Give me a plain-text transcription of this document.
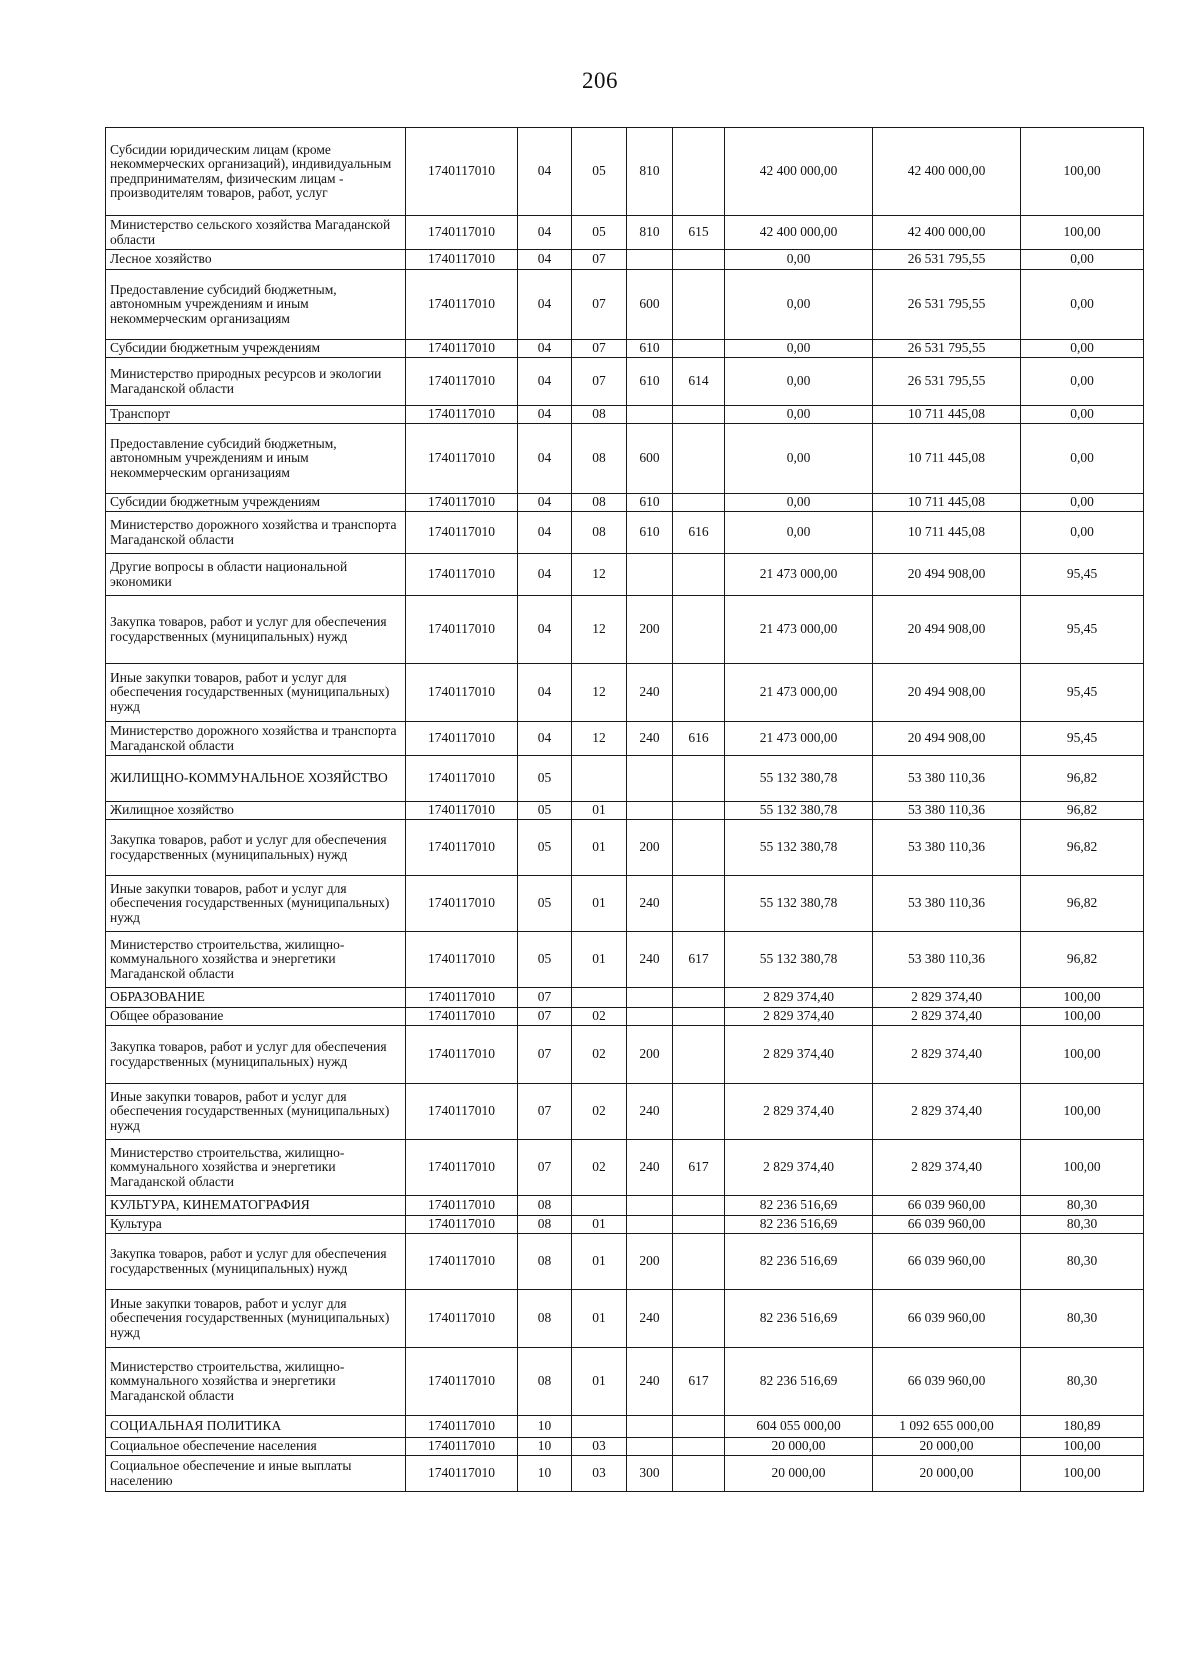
206
Субсидии юридическим лицам (кроме некоммерческих организаций), индивидуальным предпринимателям, физическим лицам - производителям товаров, работ, услуг	1740117010	04	05	810		42 400 000,00	42 400 000,00	100,00
Министерство сельского хозяйства Магаданской области	1740117010	04	05	810	615	42 400 000,00	42 400 000,00	100,00
Лесное хозяйство	1740117010	04	07			0,00	26 531 795,55	0,00
Предоставление субсидий бюджетным, автономным учреждениям и иным некоммерческим организациям	1740117010	04	07	600		0,00	26 531 795,55	0,00
Субсидии бюджетным учреждениям	1740117010	04	07	610		0,00	26 531 795,55	0,00
Министерство природных ресурсов и экологии Магаданской области	1740117010	04	07	610	614	0,00	26 531 795,55	0,00
Транспорт	1740117010	04	08			0,00	10 711 445,08	0,00
Предоставление субсидий бюджетным, автономным учреждениям и иным некоммерческим организациям	1740117010	04	08	600		0,00	10 711 445,08	0,00
Субсидии бюджетным учреждениям	1740117010	04	08	610		0,00	10 711 445,08	0,00
Министерство дорожного хозяйства и транспорта Магаданской области	1740117010	04	08	610	616	0,00	10 711 445,08	0,00
Другие вопросы в области национальной экономики	1740117010	04	12			21 473 000,00	20 494 908,00	95,45
Закупка товаров, работ и услуг для обеспечения государственных (муниципальных) нужд	1740117010	04	12	200		21 473 000,00	20 494 908,00	95,45
Иные закупки товаров, работ и услуг для обеспечения государственных (муниципальных) нужд	1740117010	04	12	240		21 473 000,00	20 494 908,00	95,45
Министерство дорожного хозяйства и транспорта Магаданской области	1740117010	04	12	240	616	21 473 000,00	20 494 908,00	95,45
ЖИЛИЩНО-КОММУНАЛЬНОЕ ХОЗЯЙСТВО	1740117010	05				55 132 380,78	53 380 110,36	96,82
Жилищное хозяйство	1740117010	05	01			55 132 380,78	53 380 110,36	96,82
Закупка товаров, работ и услуг для обеспечения государственных (муниципальных) нужд	1740117010	05	01	200		55 132 380,78	53 380 110,36	96,82
Иные закупки товаров, работ и услуг для обеспечения государственных (муниципальных) нужд	1740117010	05	01	240		55 132 380,78	53 380 110,36	96,82
Министерство строительства, жилищно-коммунального хозяйства и энергетики Магаданской области	1740117010	05	01	240	617	55 132 380,78	53 380 110,36	96,82
ОБРАЗОВАНИЕ	1740117010	07				2 829 374,40	2 829 374,40	100,00
Общее образование	1740117010	07	02			2 829 374,40	2 829 374,40	100,00
Закупка товаров, работ и услуг для обеспечения государственных (муниципальных) нужд	1740117010	07	02	200		2 829 374,40	2 829 374,40	100,00
Иные закупки товаров, работ и услуг для обеспечения государственных (муниципальных) нужд	1740117010	07	02	240		2 829 374,40	2 829 374,40	100,00
Министерство строительства, жилищно-коммунального хозяйства и энергетики Магаданской области	1740117010	07	02	240	617	2 829 374,40	2 829 374,40	100,00
КУЛЬТУРА, КИНЕМАТОГРАФИЯ	1740117010	08				82 236 516,69	66 039 960,00	80,30
Культура	1740117010	08	01			82 236 516,69	66 039 960,00	80,30
Закупка товаров, работ и услуг для обеспечения государственных (муниципальных) нужд	1740117010	08	01	200		82 236 516,69	66 039 960,00	80,30
Иные закупки товаров, работ и услуг для обеспечения государственных (муниципальных) нужд	1740117010	08	01	240		82 236 516,69	66 039 960,00	80,30
Министерство строительства, жилищно-коммунального хозяйства и энергетики Магаданской области	1740117010	08	01	240	617	82 236 516,69	66 039 960,00	80,30
СОЦИАЛЬНАЯ ПОЛИТИКА	1740117010	10				604 055 000,00	1 092 655 000,00	180,89
Социальное обеспечение населения	1740117010	10	03			20 000,00	20 000,00	100,00
Социальное обеспечение и иные выплаты населению	1740117010	10	03	300		20 000,00	20 000,00	100,00
